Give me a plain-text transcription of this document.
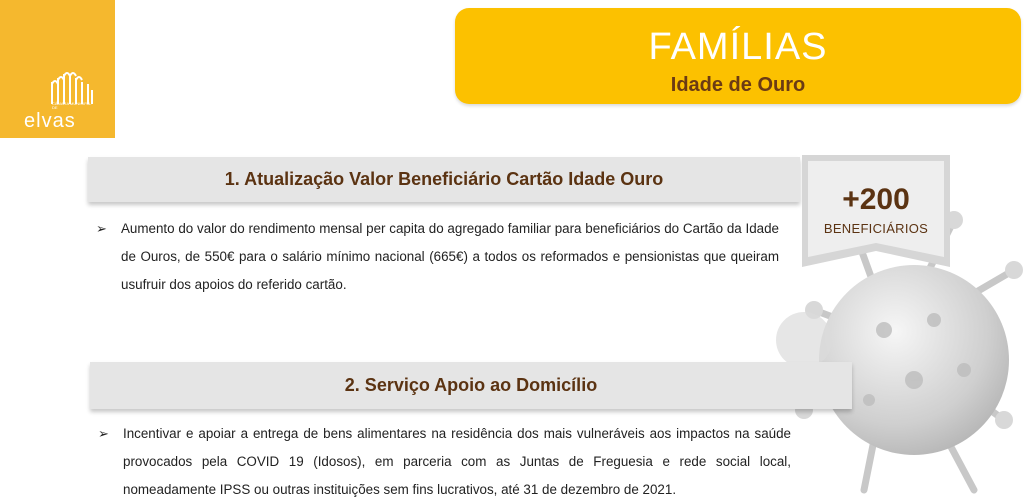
CÂMARA MUNICIPAL DE
elvas
FAMÍLIAS
Idade de Ouro
1. Atualização Valor Beneficiário Cartão Idade Ouro
+200
BENEFICIÁRIOS
➢ Aumento do valor do rendimento mensal per capita do agregado familiar para beneficiários do Cartão da Idade de Ouros, de 550€ para o salário mínimo nacional (665€) a todos os reformados e pensionistas que queiram usufruir dos apoios do referido cartão.
2. Serviço Apoio ao Domicílio
➢ Incentivar e apoiar a entrega de bens alimentares na residência dos mais vulneráveis aos impactos na saúde provocados pela COVID 19 (Idosos), em parceria com as Juntas de Freguesia e rede social local, nomeadamente IPSS ou outras instituições sem fins lucrativos, até 31 de dezembro de 2021.
